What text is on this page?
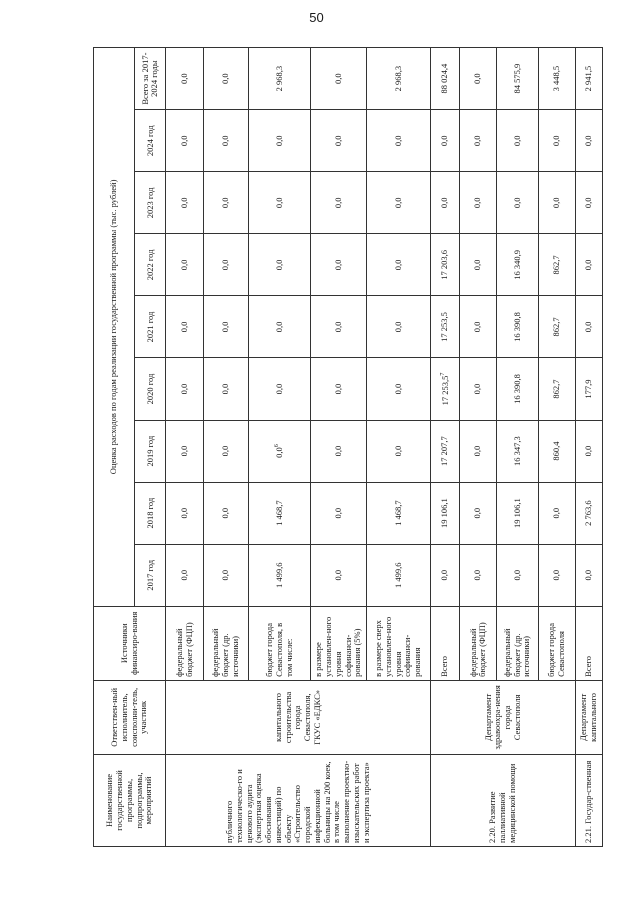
50
Наименование государственной программы, подпрограммы, мероприятий	Ответствен-ный исполнитель, соисполни-тель, участник	Источники финансиро-вания	Оценка расходов по годам реализации государственной программы (тыс. рублей)								
			2017 год	2018 год	2019 год	2020 год	2021 год	2022 год	2023 год	2024 год	Всего за 2017-2024 годы
публичного технологическо-го и ценового аудита (экспертная оценка обоснования инвестиций) по объекту «Строительство городской инфекционной больницы на 200 коек, в том числе выполнение проектно-изыскательских работ и экспертиза проекта»	капитального строительства города Севастополя, ГКУС «ЕДКС»	федеральный бюджет (ФЦП)	0,0	0,0	0,0	0,0	0,0	0,0	0,0	0,0	0,0
		федеральный бюджет (др. источники)	0,0	0,0	0,0	0,0	0,0	0,0	0,0	0,0	0,0
		бюджет города Севастополя, в том числе:	1 499,6	1 468,7	$0,0^6$	0,0	0,0	0,0	0,0	0,0	2 968,3
		в размере установлен-ного уровня софинанси-рования (5%)	0,0	0,0	0,0	0,0	0,0	0,0	0,0	0,0	0,0
		в размере сверх установлен-ного уровня софинанси-рования	1 499,6	1 468,7	0,0	0,0	0,0	0,0	0,0	0,0	2 968,3
2.20. Развитие паллиативной медицинской помощи	Департамент здравоохра-нения города Севастополя	Всего	0,0	19 106,1	17 207,7	17 253,5$^7$	17 253,5	17 203,6	0,0	0,0	88 024,4
		федеральный бюджет (ФЦП)	0,0	0,0	0,0	0,0	0,0	0,0	0,0	0,0	0,0
		федеральный бюджет (др. источники)	0,0	19 106,1	16 347,3	16 390,8	16 390,8	16 340,9	0,0	0,0	84 575,9
		бюджет города Севастополя	0,0	0,0	860,4	862,7	862,7	862,7	0,0	0,0	3 448,5
2.21. Государ-ственная	Департамент капитального	Всего	0,0	2 763,6	0,0	177,9	0,0	0,0	0,0	0,0	2 941,5
